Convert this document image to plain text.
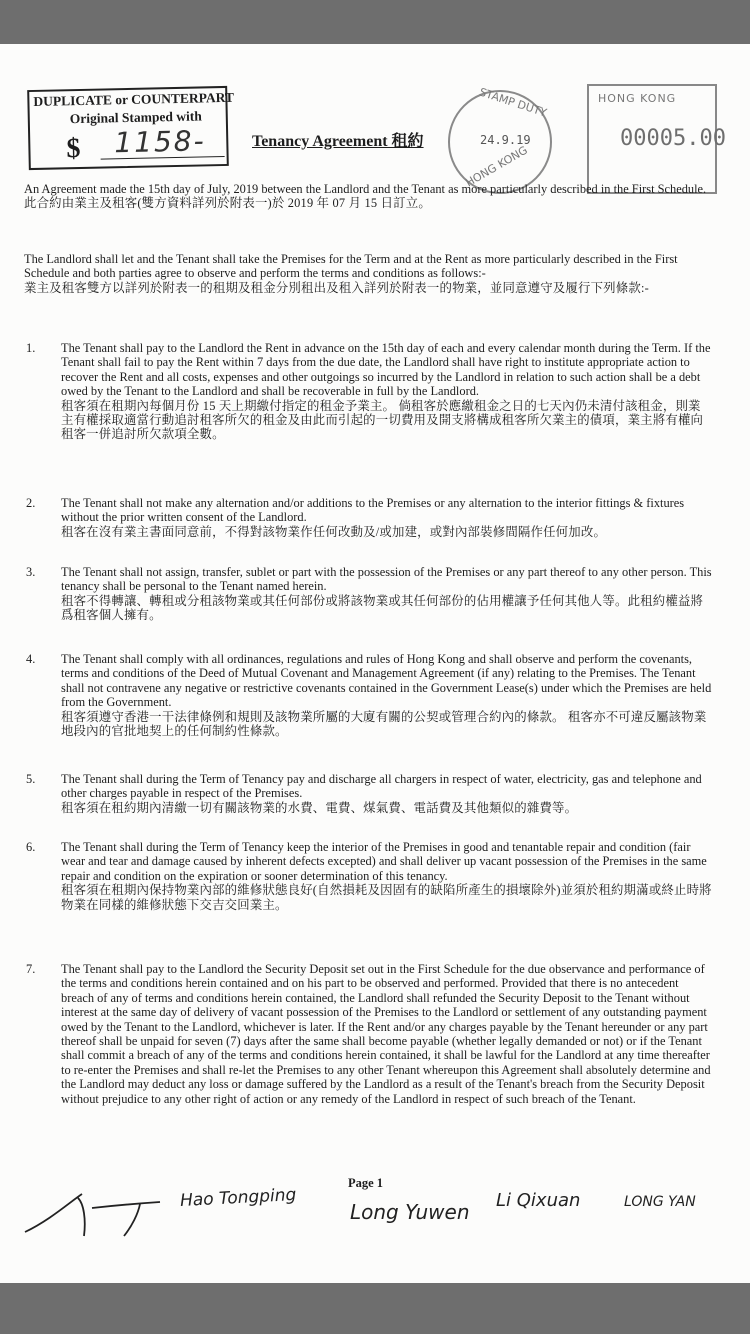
DUPLICATE or COUNTERPART
Original Stamped with
$ 1158-	Tenancy Agreement 租約
STAMP DUTY
HONG KONG
24.9.19
HONG KONG
00005.00
An Agreement made the 15th day of July, 2019 between the Landlord and the Tenant as more particularly described in the First Schedule.
此合約由業主及租客(雙方資料詳列於附表一)於 2019 年 07 月 15 日訂立。
The Landlord shall let and the Tenant shall take the Premises for the Term and at the Rent as more particularly described in the First Schedule and both parties agree to observe and perform the terms and conditions as follows:-
業主及租客雙方以詳列於附表一的租期及租金分別租出及租入詳列於附表一的物業，並同意遵守及履行下列條款:-
1.	The Tenant shall pay to the Landlord the Rent in advance on the 15th day of each and every calendar month during the Term. If the Tenant shall fail to pay the Rent within 7 days from the due date, the Landlord shall have right to institute appropriate action to recover the Rent and all costs, expenses and other outgoings so incurred by the Landlord in relation to such action shall be a debt owed by the Tenant to the Landlord and shall be recoverable in full by the Landlord.
租客須在租期內每個月份 15 天上期繳付指定的租金予業主。 倘租客於應繳租金之日的七天內仍未清付該租金，則業主有權採取適當行動追討租客所欠的租金及由此而引起的一切費用及開支將構成租客所欠業主的債項，業主將有權向租客一併追討所欠款項全數。
2.	The Tenant shall not make any alternation and/or additions to the Premises or any alternation to the interior fittings & fixtures without the prior written consent of the Landlord.
租客在沒有業主書面同意前，不得對該物業作任何改動及/或加建，或對內部裝修間隔作任何加改。
3.	The Tenant shall not assign, transfer, sublet or part with the possession of the Premises or any part thereof to any other person. This tenancy shall be personal to the Tenant named herein.
租客不得轉讓、轉租或分租該物業或其任何部份或將該物業或其任何部份的佔用權讓予任何其他人等。此租約權益將爲租客個人擁有。
4.	The Tenant shall comply with all ordinances, regulations and rules of Hong Kong and shall observe and perform the covenants, terms and conditions of the Deed of Mutual Covenant and Management Agreement (if any) relating to the Premises. The Tenant shall not contravene any negative or restrictive covenants contained in the Government Lease(s) under which the Premises are held from the Government.
租客須遵守香港一干法律條例和規則及該物業所屬的大廈有關的公契或管理合約內的條款。 租客亦不可違反屬該物業地段內的官批地契上的任何制約性條款。
5.	The Tenant shall during the Term of Tenancy pay and discharge all chargers in respect of water, electricity, gas and telephone and other charges payable in respect of the Premises.
租客須在租約期內清繳一切有關該物業的水費、電費、煤氣費、電話費及其他類似的雜費等。
6.	The Tenant shall during the Term of Tenancy keep the interior of the Premises in good and tenantable repair and condition (fair wear and tear and damage caused by inherent defects excepted) and shall deliver up vacant possession of the Premises in the same repair and condition on the expiration or sooner determination of this tenancy.
租客須在租期內保持物業內部的維修狀態良好(自然損耗及因固有的缺陷所產生的損壞除外)並須於租約期滿或終止時將物業在同樣的維修狀態下交吉交回業主。
7.	The Tenant shall pay to the Landlord the Security Deposit set out in the First Schedule for the due observance and performance of the terms and conditions herein contained and on his part to be observed and performed. Provided that there is no antecedent breach of any of terms and conditions herein contained, the Landlord shall refunded the Security Deposit to the Tenant without interest at the same day of delivery of vacant possession of the Premises to the Landlord or settlement of any outstanding payment owed by the Tenant to the Landlord, whichever is later. If the Rent and/or any charges payable by the Tenant hereunder or any part thereof shall be unpaid for seven (7) days after the same shall become payable (whether legally demanded or not) or if the Tenant shall commit a breach of any of the terms and conditions herein contained, it shall be lawful for the Landlord at any time thereafter to re-enter the Premises and shall re-let the Premises to any other Tenant whereupon this Agreement shall absolutely determine and the Landlord may deduct any loss or damage suffered by the Landlord as a result of the Tenant's breach from the Security Deposit without prejudice to any other right of action or any remedy of the Landlord in respect of such breach of the Tenant.
Hao Tongping
Page 1
Long Yuwen Li Qixuan	LONG YAN
